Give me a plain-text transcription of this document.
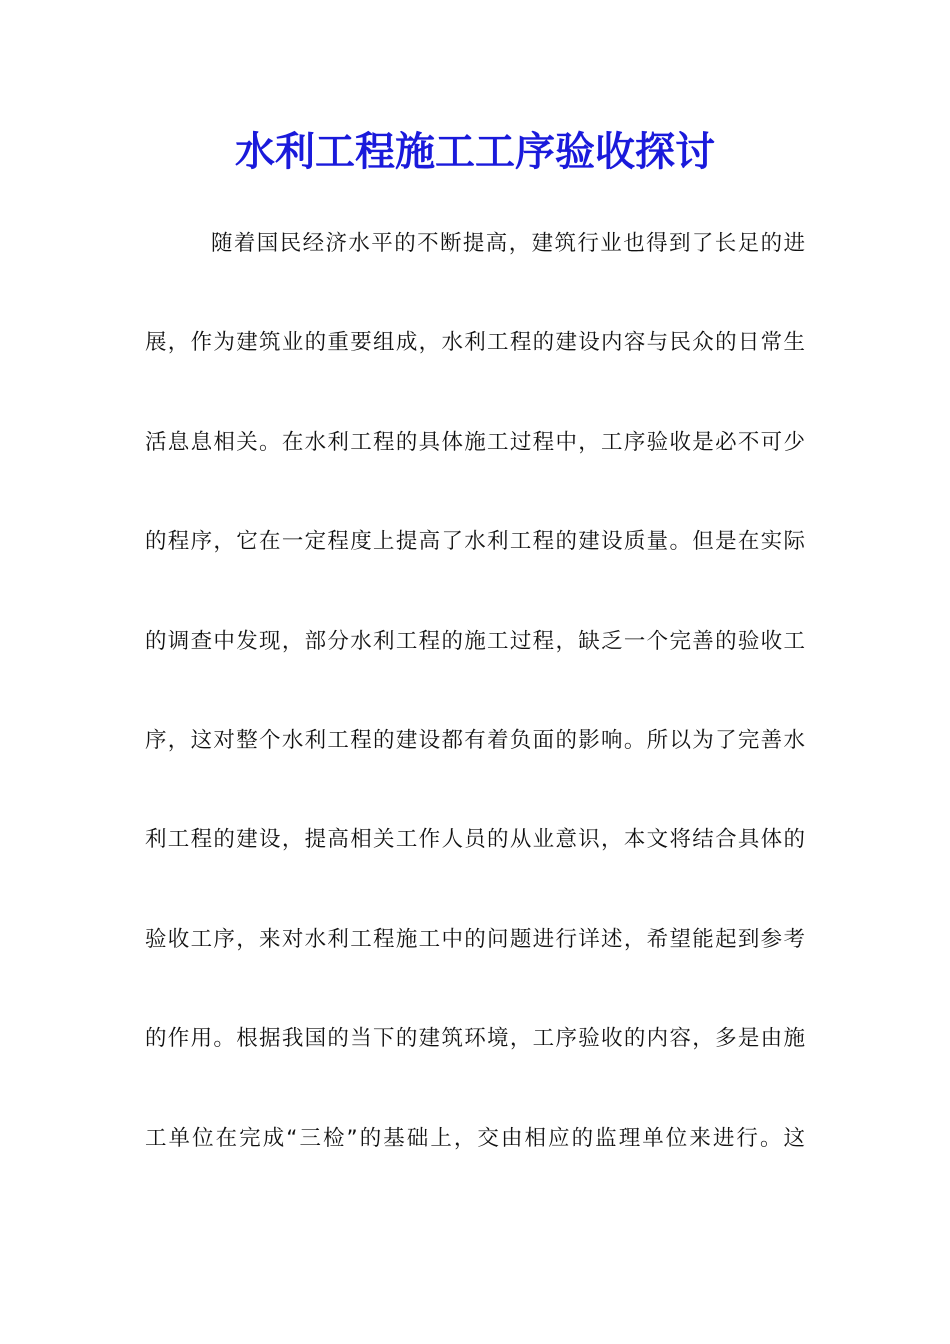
水利工程施工工序验收探讨
随着国民经济水平的不断提高，建筑行业也得到了长足的进
展，作为建筑业的重要组成，水利工程的建设内容与民众的日常生
活息息相关。在水利工程的具体施工过程中，工序验收是必不可少
的程序，它在一定程度上提高了水利工程的建设质量。但是在实际
的调查中发现，部分水利工程的施工过程，缺乏一个完善的验收工
序，这对整个水利工程的建设都有着负面的影响。所以为了完善水
利工程的建设，提高相关工作人员的从业意识，本文将结合具体的
验收工序，来对水利工程施工中的问题进行详述，希望能起到参考
的作用。根据我国的当下的建筑环境，工序验收的内容，多是由施
工单位在完成“三检”的基础上，交由相应的监理单位来进行。这
